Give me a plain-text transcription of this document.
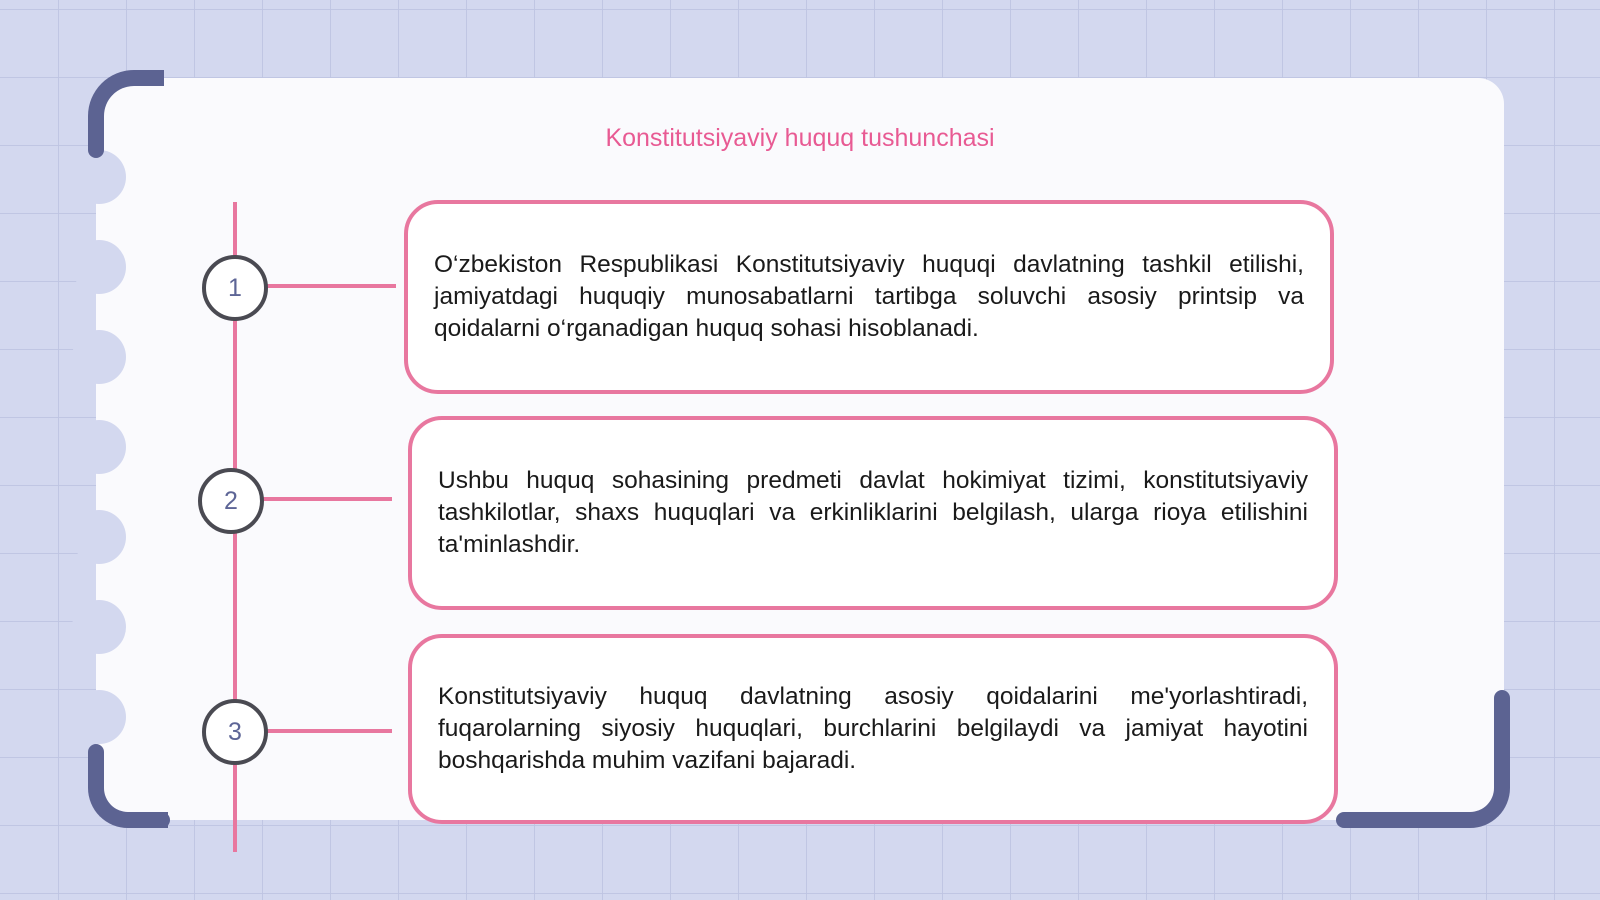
Konstitutsiyaviy huquq tushunchasi
1
O‘zbekiston Respublikasi Konstitutsiyaviy huquqi davlatning tashkil etilishi, jamiyatdagi huquqiy munosabatlarni tartibga soluvchi asosiy printsip va qoidalarni o‘rganadigan huquq sohasi hisoblanadi.
2
Ushbu huquq sohasining predmeti davlat hokimiyat tizimi, konstitutsiyaviy tashkilotlar, shaxs huquqlari va erkinliklarini belgilash, ularga rioya etilishini ta'minlashdir.
3
Konstitutsiyaviy huquq davlatning asosiy qoidalarini me'yorlashtiradi, fuqarolarning siyosiy huquqlari, burchlarini belgilaydi va jamiyat hayotini boshqarishda muhim vazifani bajaradi.
